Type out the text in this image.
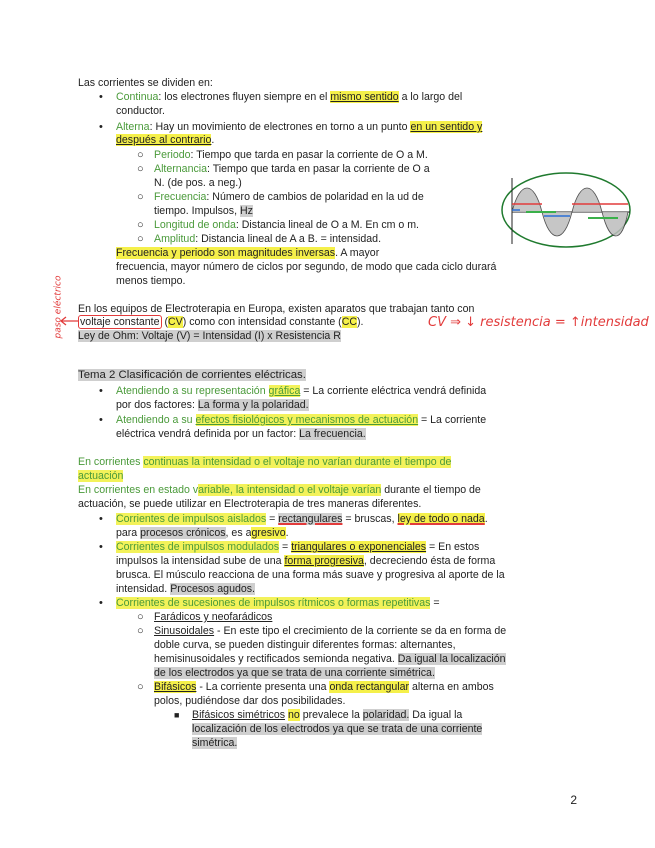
Las corrientes se dividen en:
• Continua: los electrones fluyen siempre en el mismo sentido a lo largo del
conductor.
• Alterna: Hay un movimiento de electrones en torno a un punto en un sentido y
después al contrario.
○ Periodo: Tiempo que tarda en pasar la corriente de O a M.
○ Alternancia: Tiempo que tarda en pasar la corriente de O a
N. (de pos. a neg.)
○ Frecuencia: Número de cambios de polaridad en la ud de
tiempo. Impulsos, Hz
○ Longitud de onda: Distancia lineal de O a M. En cm o m.
○ Amplitud: Distancia lineal de A a B. = intensidad.
Frecuencia y periodo son magnitudes inversas. A mayor
frecuencia, mayor número de ciclos por segundo, de modo que cada ciclo durará
menos tiempo.
En los equipos de Electroterapia en Europa, existen aparatos que trabajan tanto con
voltaje constante (CV) como con intensidad constante (CC).
Ley de Ohm: Voltaje (V) = Intensidad (I) x Resistencia R
CV ⇒ ↓ resistencia = ↑intensidad
paso eléctrico
Tema 2 Clasificación de corrientes eléctricas.
• Atendiendo a su representación gráfica = La corriente eléctrica vendrá definida
por dos factores: La forma y la polaridad.
• Atendiendo a su efectos fisiológicos y mecanismos de actuación = La corriente
eléctrica vendrá definida por un factor: La frecuencia.
En corrientes continuas la intensidad o el voltaje no varían durante el tiempo de
actuación
En corrientes en estado variable, la intensidad o el voltaje varían durante el tiempo de
actuación, se puede utilizar en Electroterapia de tres maneras diferentes.
• Corrientes de impulsos aislados = rectangulares = bruscas, ley de todo o nada.
para procesos crónicos, es agresivo.
• Corrientes de impulsos modulados = triangulares o exponenciales = En estos
impulsos la intensidad sube de una forma progresiva, decreciendo ésta de forma
brusca. El músculo reacciona de una forma más suave y progresiva al aporte de la
intensidad. Procesos agudos.
• Corrientes de sucesiones de impulsos rítmicos o formas repetitivas =
○ Farádicos y neofarádicos
○ Sinusoidales - En este tipo el crecimiento de la corriente se da en forma de
doble curva, se pueden distinguir diferentes formas: alternantes,
hemisinusoidales y rectificados semionda negativa. Da igual la localización
de los electrodos ya que se trata de una corriente simétrica.
○ Bifásicos - La corriente presenta una onda rectangular alterna en ambos
polos, pudiéndose dar dos posibilidades.
■ Bifásicos simétricos no prevalece la polaridad. Da igual la
localización de los electrodos ya que se trata de una corriente
simétrica.
2
